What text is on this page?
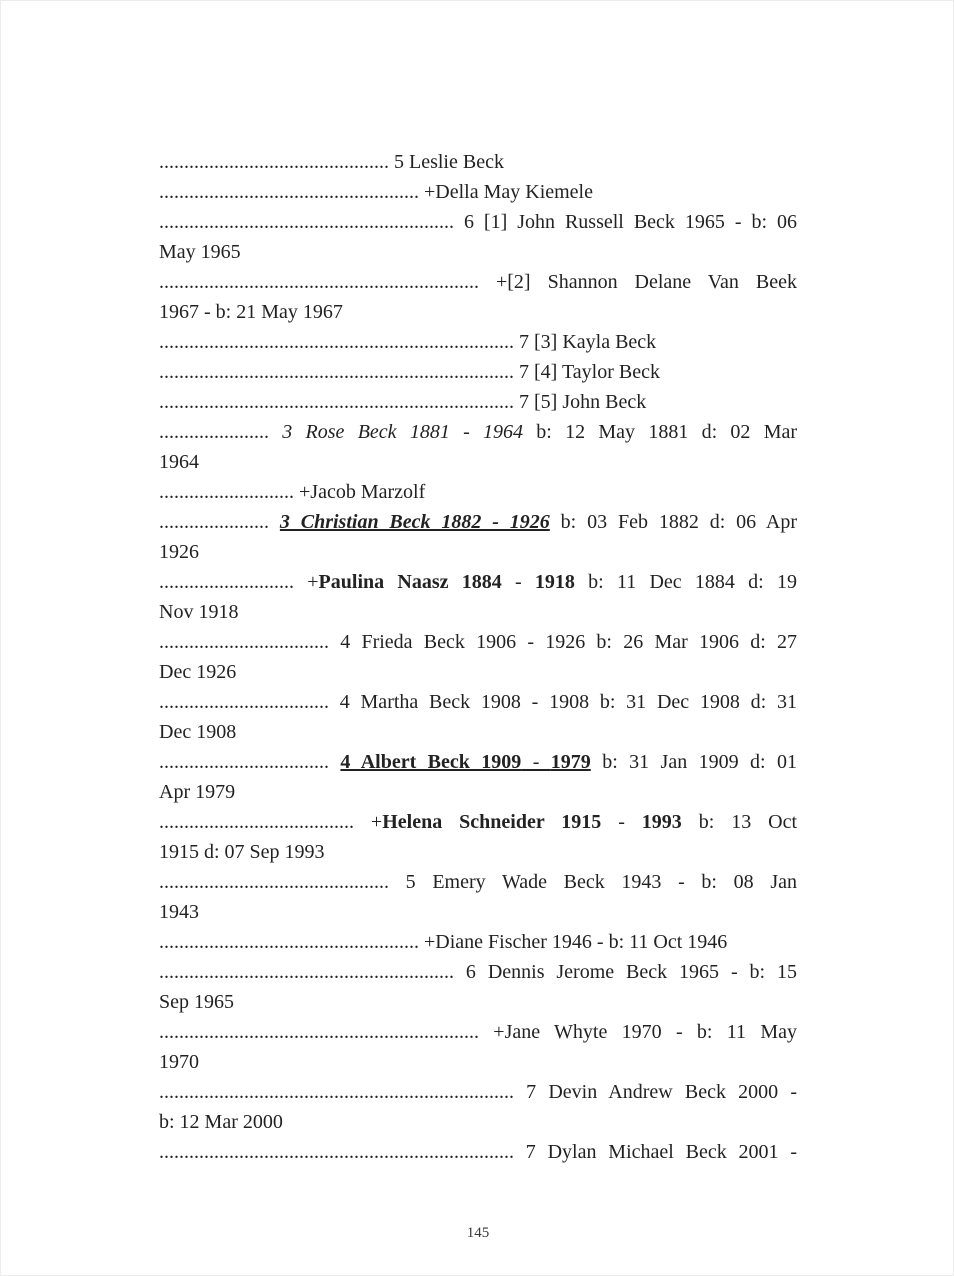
.............................................. 5 Leslie Beck
.................................................... +Della May Kiemele
........................................................... 6 [1] John Russell Beck 1965 - b: 06
May 1965
................................................................ +[2] Shannon Delane Van Beek
1967 - b: 21 May 1967
....................................................................... 7 [3] Kayla Beck
....................................................................... 7 [4] Taylor Beck
....................................................................... 7 [5] John Beck
...................... 3 Rose Beck 1881 - 1964 b: 12 May 1881 d: 02 Mar
1964
........................... +Jacob Marzolf
...................... 3 Christian Beck 1882 - 1926 b: 03 Feb 1882 d: 06 Apr
1926
........................... +Paulina Naasz 1884 - 1918 b: 11 Dec 1884 d: 19
Nov 1918
.................................. 4 Frieda Beck 1906 - 1926 b: 26 Mar 1906 d: 27
Dec 1926
.................................. 4 Martha Beck 1908 - 1908 b: 31 Dec 1908 d: 31
Dec 1908
.................................. 4 Albert Beck 1909 - 1979 b: 31 Jan 1909 d: 01
Apr 1979
....................................... +Helena Schneider 1915 - 1993 b: 13 Oct
1915 d: 07 Sep 1993
.............................................. 5 Emery Wade Beck 1943 - b: 08 Jan
1943
.................................................... +Diane Fischer 1946 - b: 11 Oct 1946
........................................................... 6 Dennis Jerome Beck 1965 - b: 15
Sep 1965
................................................................ +Jane Whyte 1970 - b: 11 May
1970
....................................................................... 7 Devin Andrew Beck 2000 -
b: 12 Mar 2000
....................................................................... 7 Dylan Michael Beck 2001 -
145
